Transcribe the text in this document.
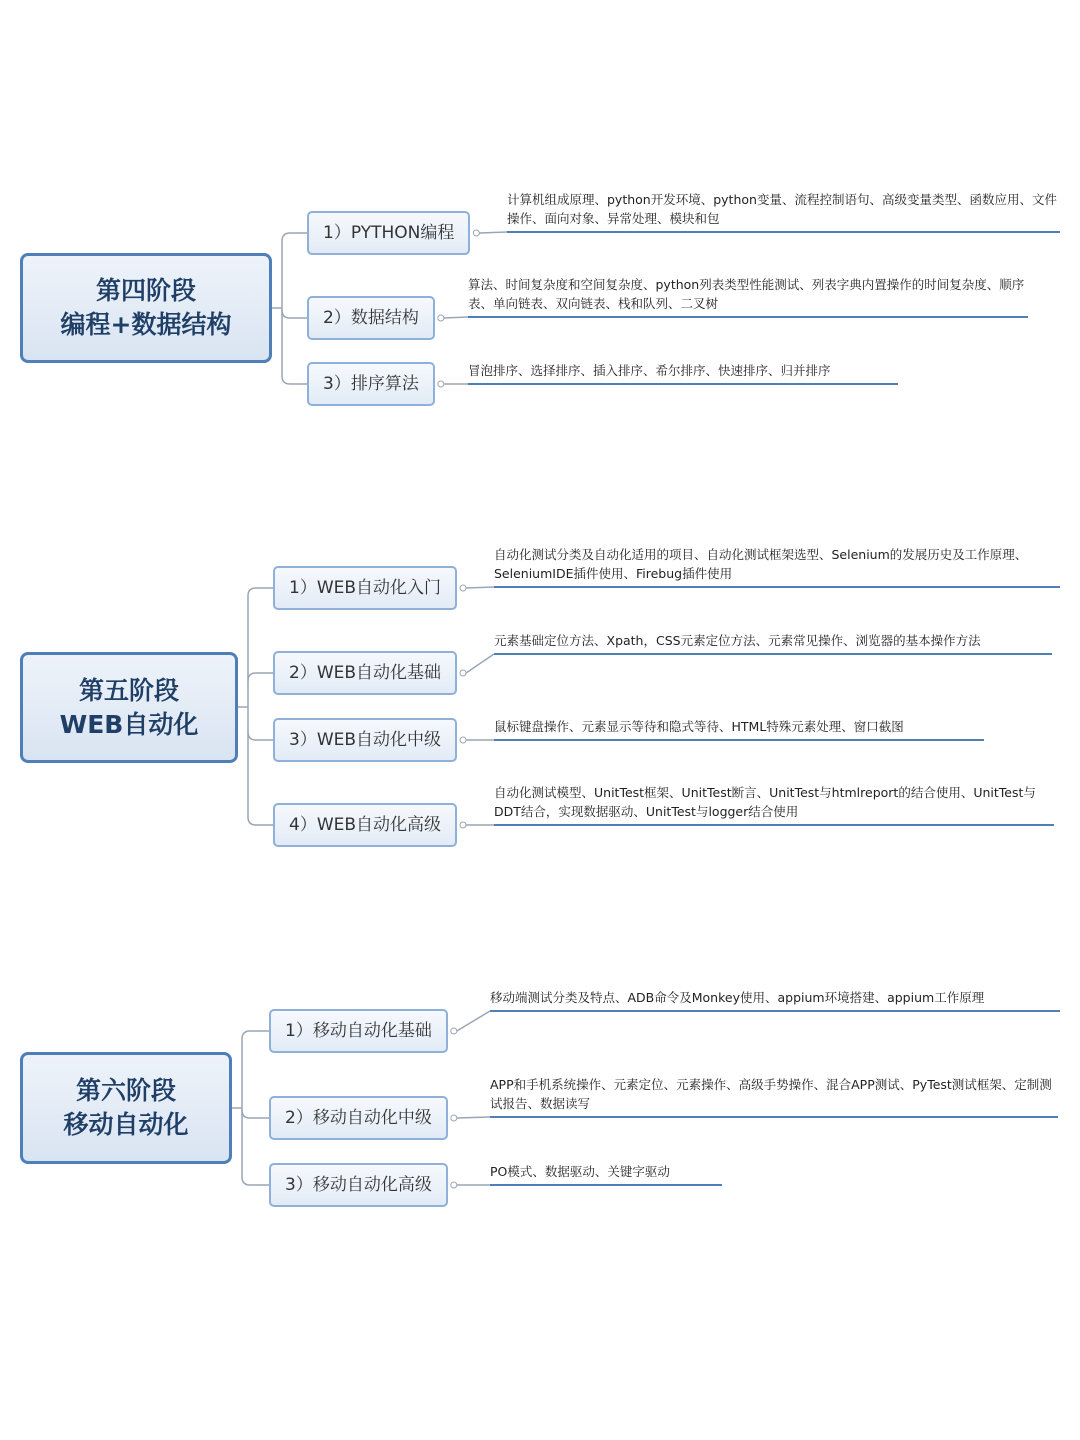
第四阶段
编程+数据结构
1）PYTHON编程
2）数据结构
3）排序算法
计算机组成原理、python开发环境、python变量、流程控制语句、高级变量类型、函数应用、文件操作、面向对象、异常处理、模块和包
算法、时间复杂度和空间复杂度、python列表类型性能测试、列表字典内置操作的时间复杂度、顺序表、单向链表、双向链表、栈和队列、二叉树
冒泡排序、选择排序、插入排序、希尔排序、快速排序、归并排序
第五阶段
WEB自动化
1）WEB自动化入门
2）WEB自动化基础
3）WEB自动化中级
4）WEB自动化高级
自动化测试分类及自动化适用的项目、自动化测试框架选型、Selenium的发展历史及工作原理、SeleniumIDE插件使用、Firebug插件使用
元素基础定位方法、Xpath，CSS元素定位方法、元素常见操作、浏览器的基本操作方法
鼠标键盘操作、元素显示等待和隐式等待、HTML特殊元素处理、窗口截图
自动化测试模型、UnitTest框架、UnitTest断言、UnitTest与htmlreport的结合使用、UnitTest与DDT结合，实现数据驱动、UnitTest与logger结合使用
第六阶段
移动自动化
1）移动自动化基础
2）移动自动化中级
3）移动自动化高级
移动端测试分类及特点、ADB命令及Monkey使用、appium环境搭建、appium工作原理
APP和手机系统操作、元素定位、元素操作、高级手势操作、混合APP测试、PyTest测试框架、定制测试报告、数据读写
PO模式、数据驱动、关键字驱动
